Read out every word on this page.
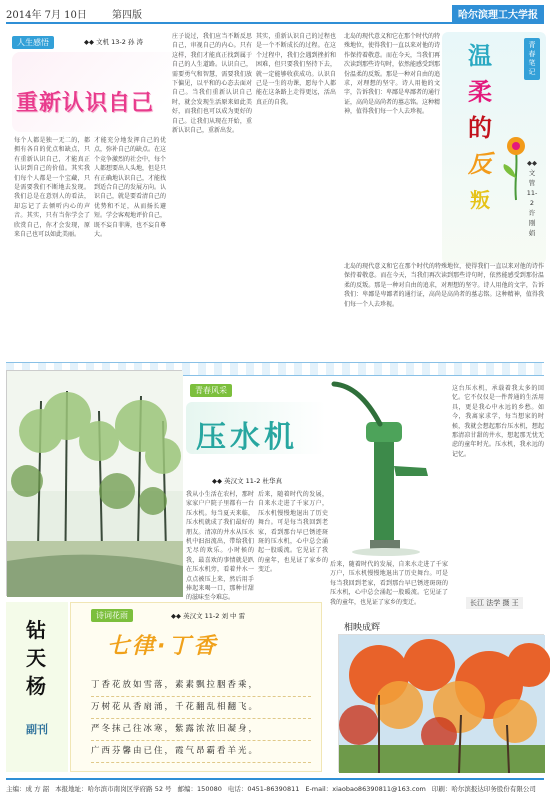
2014年 7月 10日	第四版	哈尔滨理工大学报
人生感悟	◆◆ 文机 13-2 孙 涛
重新认识自己
每个人都是独一无二的，都拥有各自的优点和缺点，只有重新认识自己，才能真正认识到自己的价值。其实我们每个人都是一个宝藏，只是需要我们不断地去发现。我们总是在意别人的看法，却忘记了去倾听内心的声音。其实，只有当你学会了欣赏自己，你才会发现，原来自己也可以如此美丽。
才能充分地发挥自己的优点，弥补自己的缺点。在这个竞争激烈的社会中，每个人都想要出人头地，但是只有正确地认识自己，才能找到适合自己的发展方向。认识自己，就是要看清自己的优势和不足，从而扬长避短。学会客观地评价自己，既不妄自菲薄，也不妄自尊大。
庄子说过，我们应当不断反思自己，审视自己的内心。只有这样，我们才能真正找到属于自己的人生道路。认识自己，需要勇气和智慧，需要我们放下偏见，以平和的心态去面对自己。当我们重新认识自己时，就会发现生活原来如此美好，而我们也可以成为更好的自己。让我们从现在开始，重新认识自己，重新出发。
其实，重新认识自己的过程也是一个不断成长的过程。在这个过程中，我们会遇到挫折和困难，但只要我们坚持下去，就一定能够收获成功。认识自己是一生的功课，愿每个人都能在这条路上走得更远，活出真正的自我。
北岛的现代意义和它在那个时代的特殊地位，使得我们一直以来对他的诗作保持着敬意。而在今天，当我们再次读到那些诗句时，依然能感受到那份温柔的反叛。那是一种对自由的追求，对理想的坚守。诗人用他的文字，告诉我们：卑鄙是卑鄙者的通行证，高尚是高尚者的墓志铭。这种精神，值得我们每一个人去珍视。
温
柔
的
反
叛
青春笔记
◆◆ 文管 11-2 许 刚 娟
北岛的现代意义和它在那个时代的特殊地位，使得我们一直以来对他的诗作保持着敬意。而在今天，当我们再次读到那些诗句时，依然能感受到那份温柔的反叛。那是一种对自由的追求，对理想的坚守。诗人用他的文字，告诉我们：卑鄙是卑鄙者的通行证，高尚是高尚者的墓志铭。这种精神，值得我们每一个人去珍视。
青春风采
压水机
◆◆ 英汉文 11-2 杜华真
我从小生活在农村，那时家家户户院子里都有一台压水机。每当夏天来临，压水机就成了我们最好的朋友。清凉的井水从压水机中汩汩流出，带给我们无尽的欢乐。小时候的我，最喜欢的事情就是趴在压水机旁，看着井水一点点被压上来，然后用手捧起来喝一口，那种甘甜的滋味至今难忘。
后来，随着时代的发展，自来水走进了千家万户，压水机慢慢地退出了历史舞台。可是每当我回到老家，看到那台早已锈迹斑斑的压水机，心中总会涌起一股暖流。它见证了我的童年，也见证了家乡的变迁。
后来，随着时代的发展，自来水走进了千家万户，压水机慢慢地退出了历史舞台。可是每当我回到老家，看到那台早已锈迹斑斑的压水机，心中总会涌起一股暖流。它见证了我的童年，也见证了家乡的变迁。
这台压水机，承载着我太多的回忆。它不仅仅是一件普通的生活用具，更是我心中永远的乡愁。如今，我离家求学，每当想家的时候，我就会想起那台压水机，想起那清凉甘甜的井水，想起那无忧无虑的童年时光。压水机，我永远的记忆。
钻
天
杨
副刊
诗词花雨	◆◆ 英汉文 11-2 刘 中 雷
七律·丁香
丁香花放如雪落，素素飘拉胭香乘，
万树花从香扇涌，千花翻乱相翻飞。
严冬抹己往冰寒，紫露浓浓旧凝身，
广西芬馨由已住，霞气昂霸看羊光。
长江 法学 摄 王
相映成辉
主编：成 方 韶 本报地址：哈尔滨市南岗区学府路 52 号 邮编：150080 电话：0451-86390811 E-mail：xiaobao86390811@163.com 印刷：哈尔滨报达印务股份有限公司
